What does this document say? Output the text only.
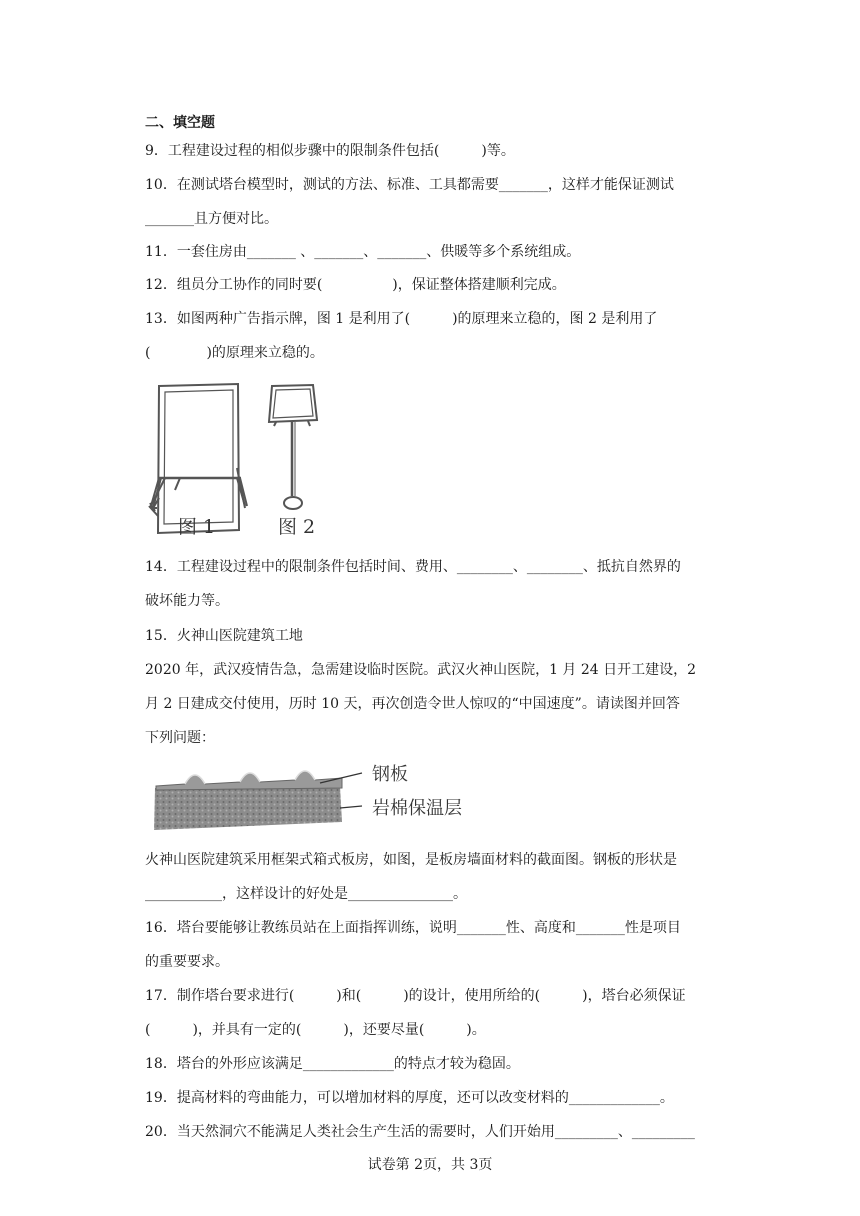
二、填空题
9．工程建设过程的相似步骤中的限制条件包括(　　　)等。
10．在测试塔台模型时，测试的方法、标准、工具都需要_______，这样才能保证测试
_______且方便对比。
11．一套住房由_______ 、_______、_______、供暖等多个系统组成。
12．组员分工协作的同时要(　　　　　)，保证整体搭建顺利完成。
13．如图两种广告指示牌，图 1 是利用了(　　　)的原理来立稳的，图 2 是利用了
(　　　　)的原理来立稳的。
图 1	图 2
14．工程建设过程中的限制条件包括时间、费用、________、________、抵抗自然界的
破坏能力等。
15．火神山医院建筑工地
2020 年，武汉疫情告急，急需建设临时医院。武汉火神山医院，1 月 24 日开工建设，2
月 2 日建成交付使用，历时 10 天，再次创造令世人惊叹的“中国速度”。请读图并回答
下列问题：
钢板
岩棉保温层
火神山医院建筑采用框架式箱式板房，如图，是板房墙面材料的截面图。钢板的形状是
___________，这样设计的好处是_______________。
16．塔台要能够让教练员站在上面指挥训练，说明_______性、高度和_______性是项目
的重要要求。
17．制作塔台要求进行(　　　)和(　　　)的设计，使用所给的(　　　)，塔台必须保证
(　　　)，并具有一定的(　　　)，还要尽量(　　　)。
18．塔台的外形应该满足_____________的特点才较为稳固。
19．提高材料的弯曲能力，可以增加材料的厚度，还可以改变材料的_____________。
20．当天然洞穴不能满足人类社会生产生活的需要时，人们开始用_________、_________
试卷第 2页，共 3页
